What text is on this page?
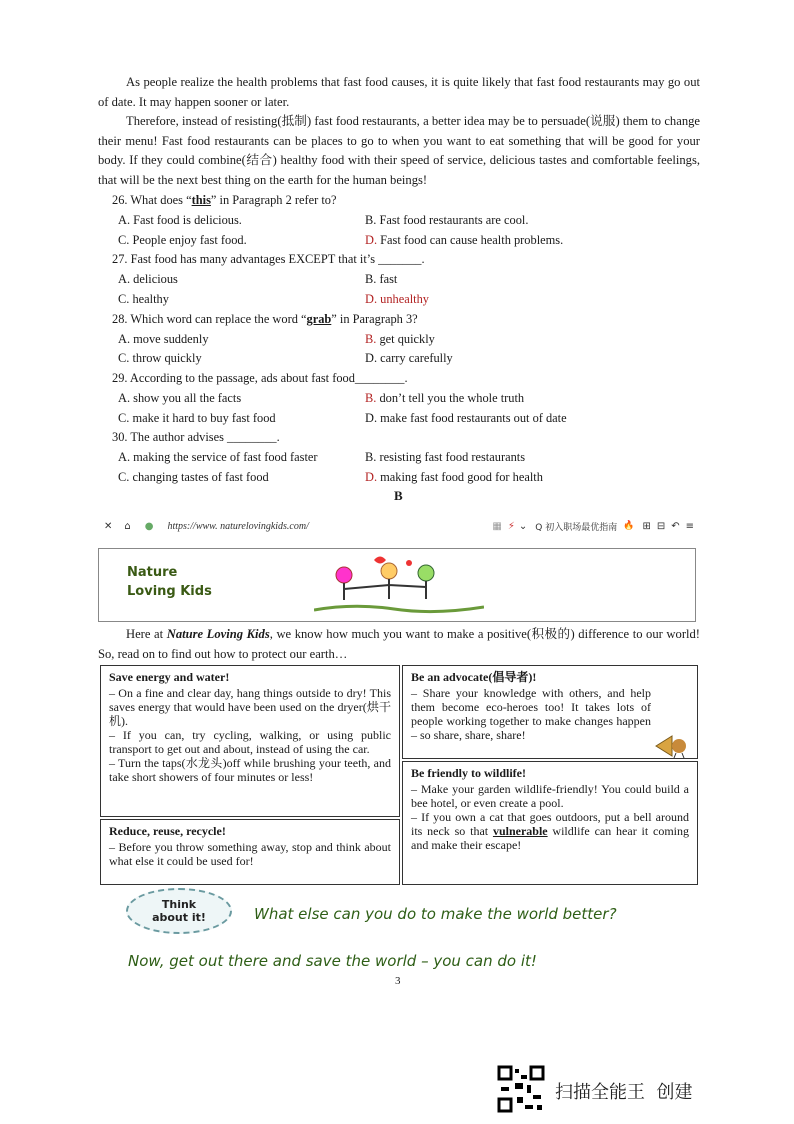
As people realize the health problems that fast food causes, it is quite likely that fast food restaurants may go out of date. It may happen sooner or later.
Therefore, instead of resisting(抵制) fast food restaurants, a better idea may be to persuade(说服) them to change their menu! Fast food restaurants can be places to go to when you want to eat something that will be good for your body. If they could combine(结合) healthy food with their speed of service, delicious tastes and comfortable feelings, that will be the next best thing on the earth for the human beings!
26. What does “this” in Paragraph 2 refer to?
A. Fast food is delicious.	B. Fast food restaurants are cool.
C. People enjoy fast food.	D. Fast food can cause health problems.
27. Fast food has many advantages EXCEPT that it’s _______.
A. delicious	B. fast
C. healthy	D. unhealthy
28. Which word can replace the word “grab” in Paragraph 3?
A. move suddenly	B. get quickly
C. throw quickly	D. carry carefully
29. According to the passage, ads about fast food________.
A. show you all the facts	B. don’t tell you the whole truth
C. make it hard to buy fast food	D. make fast food restaurants out of date
30. The author advises ________.
A. making the service of fast food faster	B. resisting fast food restaurants
C. changing tastes of fast food	D. making fast food good for health
B
✕ ⌂ ● https://www. naturelovingkids.com/	▦ ⚡ ⌄ Q 初入职场最优指南 🔥 ⊞ ⊟ ↶ ≡
Nature
Loving Kids
Here at Nature Loving Kids, we know how much you want to make a positive(积极的) difference to our world! So, read on to find out how to protect our earth…
Save energy and water!
– On a fine and clear day, hang things outside to dry! This saves energy that would have been used on the dryer(烘干机).
– If you can, try cycling, walking, or using public transport to get out and about, instead of using the car.
– Turn the taps(水龙头)off while brushing your teeth, and take short showers of four minutes or less!
Reduce, reuse, recycle!
– Before you throw something away, stop and think about what else it could be used for!
Be an advocate(倡导者)!
– Share your knowledge with others, and help them become eco-heroes too! It takes lots of people working together to make changes happen – so share, share, share!
Be friendly to wildlife!
– Make your garden wildlife-friendly! You could build a bee hotel, or even create a pool.
– If you own a cat that goes outdoors, put a bell around its neck so that vulnerable wildlife can hear it coming and make their escape!
Think about it!	What else can you do to make the world better?
Now, get out there and save the world – you can do it!
3
扫描全能王  创建
